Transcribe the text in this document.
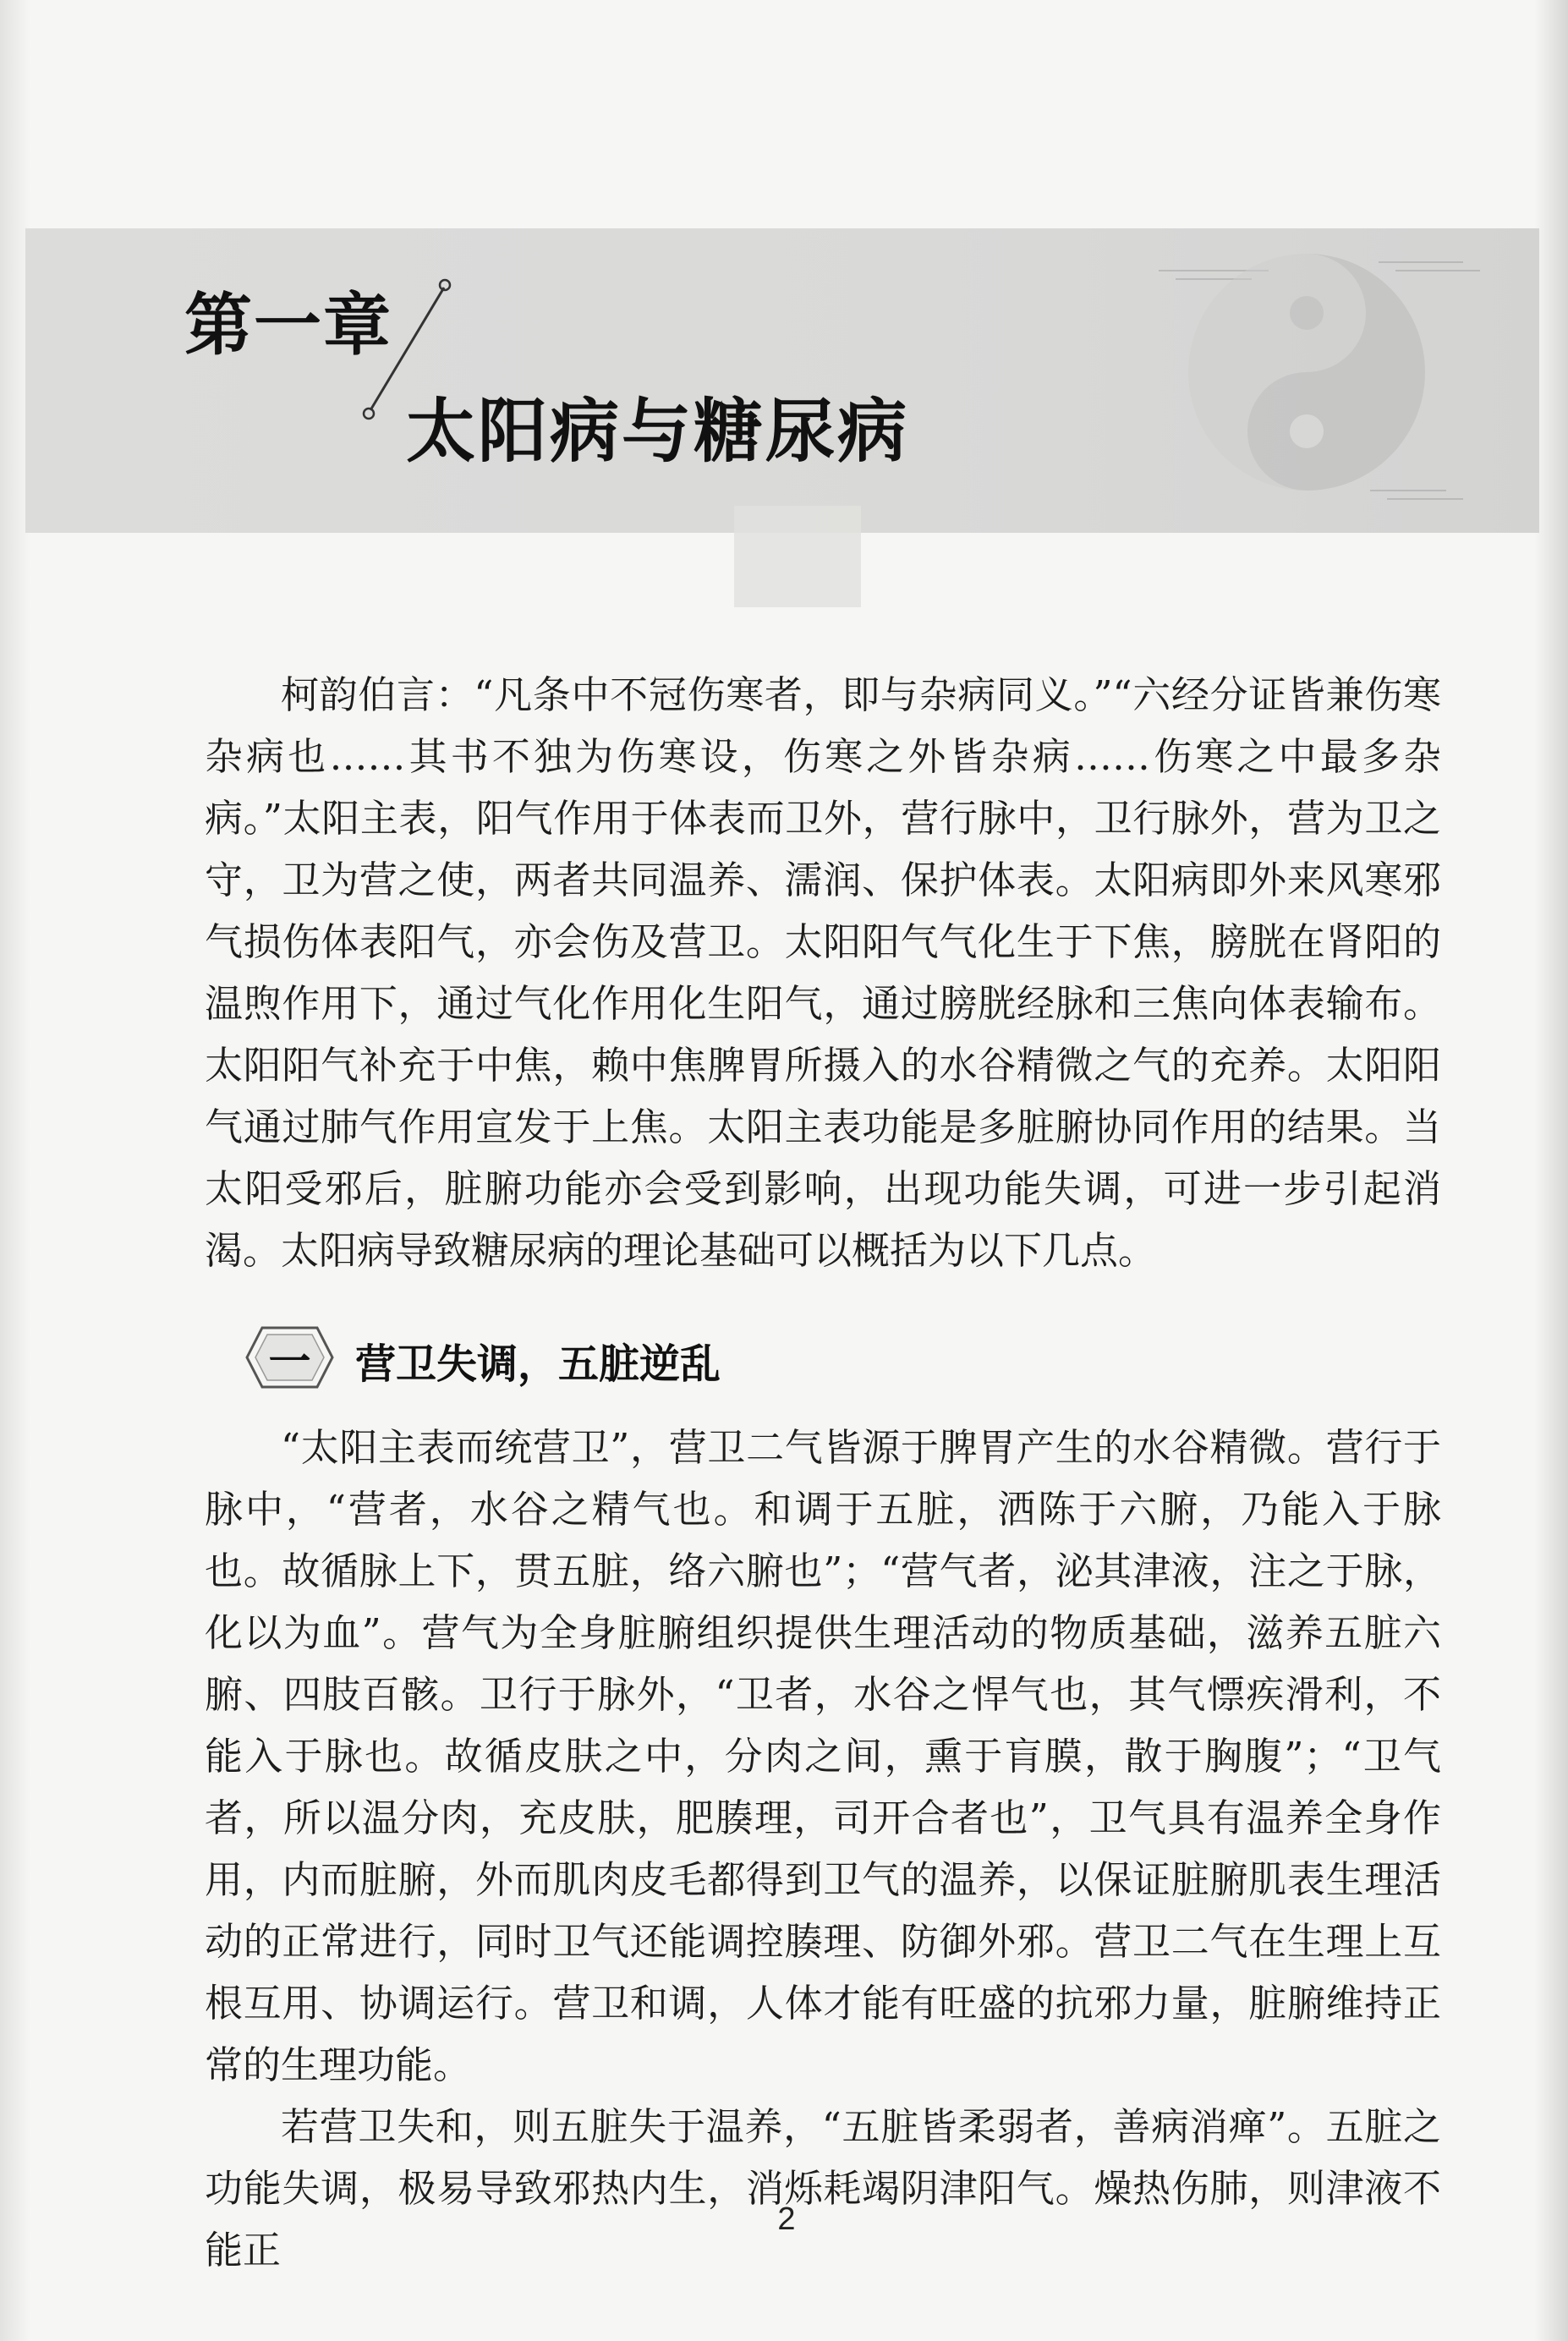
第一章
太阳病与糖尿病

柯韵伯言：“凡条中不冠伤寒者，即与杂病同义。”“六经分证皆兼伤寒杂病也……其书不独为伤寒设，伤寒之外皆杂病……伤寒之中最多杂病。”太阳主表，阳气作用于体表而卫外，营行脉中，卫行脉外，营为卫之守，卫为营之使，两者共同温养、濡润、保护体表。太阳病即外来风寒邪气损伤体表阳气，亦会伤及营卫。太阳阳气气化生于下焦，膀胱在肾阳的温煦作用下，通过气化作用化生阳气，通过膀胱经脉和三焦向体表输布。太阳阳气补充于中焦，赖中焦脾胃所摄入的水谷精微之气的充养。太阳阳气通过肺气作用宣发于上焦。太阳主表功能是多脏腑协同作用的结果。当太阳受邪后，脏腑功能亦会受到影响，出现功能失调，可进一步引起消渴。太阳病导致糖尿病的理论基础可以概括为以下几点。

一	营卫失调，五脏逆乱

“太阳主表而统营卫”，营卫二气皆源于脾胃产生的水谷精微。营行于脉中，“营者，水谷之精气也。和调于五脏，洒陈于六腑，乃能入于脉也。故循脉上下，贯五脏，络六腑也”；“营气者，泌其津液，注之于脉，化以为血”。营气为全身脏腑组织提供生理活动的物质基础，滋养五脏六腑、四肢百骸。卫行于脉外，“卫者，水谷之悍气也，其气慓疾滑利，不能入于脉也。故循皮肤之中，分肉之间，熏于肓膜，散于胸腹”；“卫气者，所以温分肉，充皮肤，肥腠理，司开合者也”，卫气具有温养全身作用，内而脏腑，外而肌肉皮毛都得到卫气的温养，以保证脏腑肌表生理活动的正常进行，同时卫气还能调控腠理、防御外邪。营卫二气在生理上互根互用、协调运行。营卫和调，人体才能有旺盛的抗邪力量，脏腑维持正常的生理功能。

若营卫失和，则五脏失于温养，“五脏皆柔弱者，善病消瘅”。五脏之功能失调，极易导致邪热内生，消烁耗竭阴津阳气。燥热伤肺，则津液不能正

2
